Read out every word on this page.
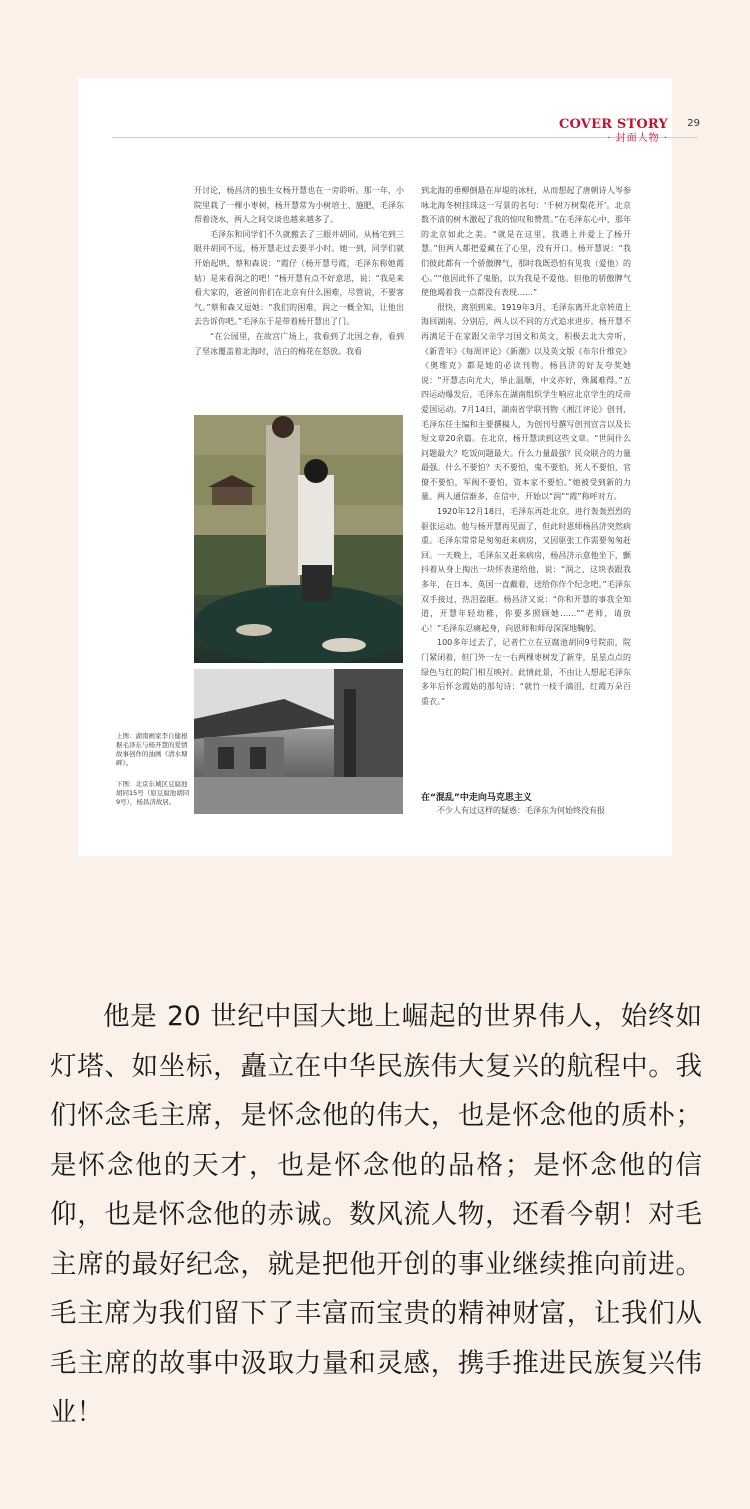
COVER STORY
· 封面人物 ·
29

开讨论，杨昌济的独生女杨开慧也在一旁聆听。那一年，小院里栽了一棵小枣树，杨开慧常为小树培土、施肥，毛泽东帮着浇水，两人之间交谈也越来越多了。

毛泽东和同学们不久就搬去了三眼井胡同。从杨宅到三眼井胡同不远，杨开慧走过去要半小时。她一到，同学们就开始起哄，蔡和森说：“霞仔（杨开慧号霞，毛泽东称她霞姑）是来看润之的吧！”杨开慧有点不好意思，说：“我是来看大家的，爸爸问你们在北京有什么困难，尽管说，不要客气。”蔡和森又逗她：“我们的困难，润之一概全知，让他出去告诉你吧。”毛泽东于是带着杨开慧出了门。

“在公园里，在故宫广场上，我看到了北国之春，看到了坚冰覆盖着北海时，洁白的梅花在怒放。我看

上图：湖南画家李自健根据毛泽东与杨开慧的爱情故事创作的油画《清水塘畔》。
下图：北京东城区豆腐池胡同15号（原豆腐池胡同9号），杨昌济故居。

到北海的垂柳倒悬在岸堤的冰柱，从而想起了唐朝诗人岑参咏北海冬树挂珠这一写景的名句：‘千树万树梨花开’。北京数不清的树木激起了我的惊叹和赞赏。”在毛泽东心中，那年的北京如此之美。“就是在这里，我遇上并爱上了杨开慧。”但两人都把爱藏在了心里，没有开口。杨开慧说：“我们彼此都有一个骄傲脾气，那时我既恐怕有见我（爱他）的心。”“他因此怀了鬼胎，以为我是不爱他。但他的骄傲脾气使他竭着我一点都没有表现……”

很快，离别到来。1919年3月，毛泽东离开北京转道上海回湖南。分别后，两人以不同的方式追求进步。杨开慧不再满足于在家跟父亲学习国文和英文，积极去北大旁听，《新青年》《每周评论》《新潮》以及英文版《布尔什维克》《奥维克》都是她的必读刊物。杨昌济的好友夸奖她说：“开慧志向尤大，举止温顺，中文亦好，殊属难得。”五四运动爆发后，毛泽东在湖南组织学生响应北京学生的反帝爱国运动。7月14日，湖南省学联刊物《湘江评论》创刊，毛泽东任主编和主要撰稿人，为创刊号撰写创刊宣言以及长短文章20余篇。在北京，杨开慧读到这些文章。“世间什么问题最大？吃饭问题最大。什么力量最强？民众联合的力量最强。什么不要怕？天不要怕，鬼不要怕，死人不要怕，官僚不要怕，军阀不要怕，资本家不要怕。”她被受到新的力量。两人通信渐多，在信中，开始以“润”“霞”称呼对方。

1920年12月18日，毛泽东再赴北京，进行轰轰烈烈的驱张运动。他与杨开慧再见面了，但此时恩师杨昌济突然病重。毛泽东常常是匆匆赶来病房，又因驱张工作需要匆匆赶回。一天晚上，毛泽东又赶来病房，杨昌济示意他坐下，颤抖着从身上掏出一块怀表递给他，说：“润之，这块表跟我多年，在日本、英国一直戴着，送给你作个纪念吧。”毛泽东双手接过，热泪盈眶。杨昌济又说：“你和开慧的事我全知道，开慧年轻幼稚，你要多照顾她……”“老师，请放心！”毛泽东忍痛起身，向恩师和师母深深地鞠躬。

100多年过去了，记者伫立在豆腐池胡同9号院前，院门紧闭着，但门外一左一右两棵枣树发了新芽，星星点点的绿色与红的院门相互映衬。此情此景，不由让人想起毛泽东多年后怀念霞姑的那句诗：“就竹一枝千滴泪，红霞万朵百重衣。”

在“混乱”中走向马克思主义
不少人有过这样的疑惑：毛泽东为何始终没有报

他是 20 世纪中国大地上崛起的世界伟人，始终如灯塔、如坐标，矗立在中华民族伟大复兴的航程中。我们怀念毛主席，是怀念他的伟大，也是怀念他的质朴；是怀念他的天才，也是怀念他的品格；是怀念他的信仰，也是怀念他的赤诚。数风流人物，还看今朝！对毛主席的最好纪念，就是把他开创的事业继续推向前进。毛主席为我们留下了丰富而宝贵的精神财富，让我们从毛主席的故事中汲取力量和灵感，携手推进民族复兴伟业！
